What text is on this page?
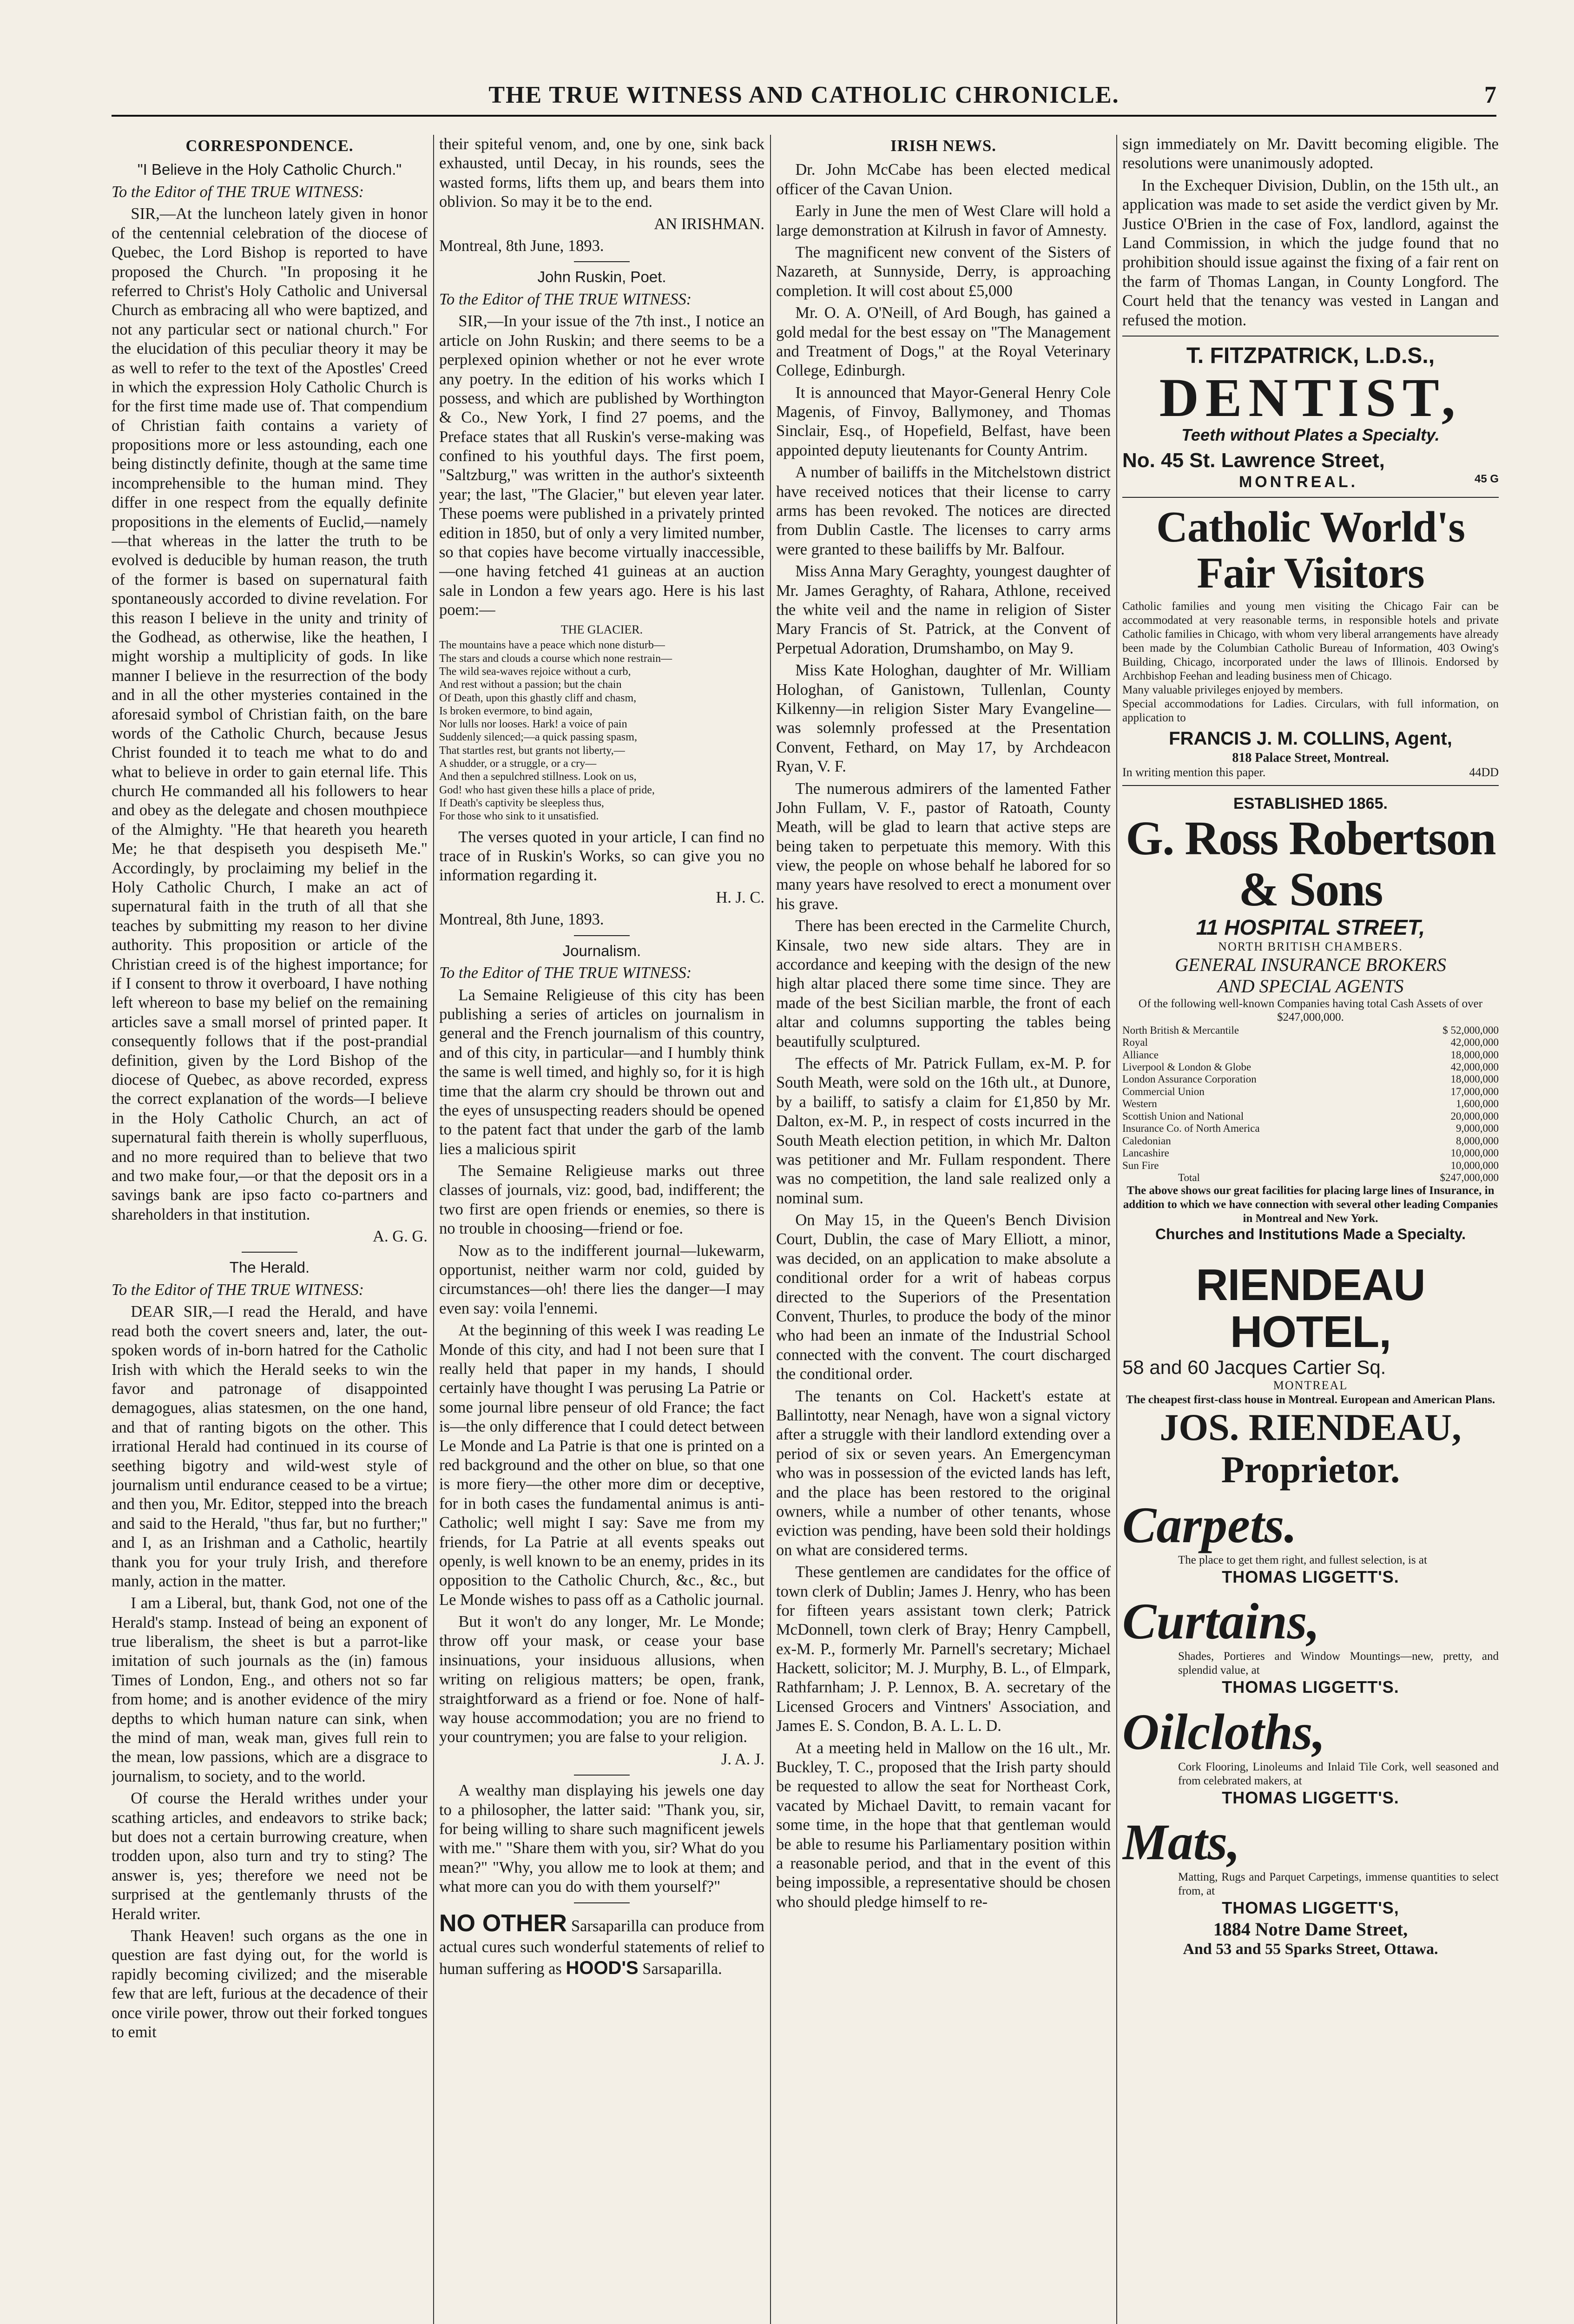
THE TRUE WITNESS AND CATHOLIC CHRONICLE.	7
CORRESPONDENCE.
"I Believe in the Holy Catholic Church."

To the Editor of THE TRUE WITNESS:

SIR,—At the luncheon lately given in honor of the centennial celebration of the diocese of Quebec, the Lord Bishop is reported to have proposed the Church. "In proposing it he referred to Christ's Holy Catholic and Universal Church as embracing all who were baptized, and not any particular sect or national church." For the elucidation of this peculiar theory it may be as well to refer to the text of the Apostles' Creed in which the expression Holy Catholic Church is for the first time made use of. That compendium of Christian faith contains a variety of propositions more or less astounding, each one being distinctly definite, though at the same time incomprehensible to the human mind. They differ in one respect from the equally definite propositions in the elements of Euclid,—namely—that whereas in the latter the truth to be evolved is deducible by human reason, the truth of the former is based on supernatural faith spontaneously accorded to divine revelation. For this reason I believe in the unity and trinity of the Godhead, as otherwise, like the heathen, I might worship a multiplicity of gods. In like manner I believe in the resurrection of the body and in all the other mysteries contained in the aforesaid symbol of Christian faith, on the bare words of the Catholic Church, because Jesus Christ founded it to teach me what to do and what to believe in order to gain eternal life. This church He commanded all his followers to hear and obey as the delegate and chosen mouthpiece of the Almighty. "He that heareth you heareth Me; he that despiseth you despiseth Me." Accordingly, by proclaiming my belief in the Holy Catholic Church, I make an act of supernatural faith in the truth of all that she teaches by submitting my reason to her divine authority. This proposition or article of the Christian creed is of the highest importance; for if I consent to throw it overboard, I have nothing left whereon to base my belief on the remaining articles save a small morsel of printed paper. It consequently follows that if the post-prandial definition, given by the Lord Bishop of the diocese of Quebec, as above recorded, express the correct explanation of the words—I believe in the Holy Catholic Church, an act of supernatural faith therein is wholly superfluous, and no more required than to believe that two and two make four,—or that the deposit ors in a savings bank are ipso facto co-partners and shareholders in that institution.

A. G. G.
The Herald.

To the Editor of THE TRUE WITNESS:

DEAR SIR,—I read the Herald, and have read both the covert sneers and, later, the out-spoken words of in-born hatred for the Catholic Irish with which the Herald seeks to win the favor and patronage of disappointed demagogues, alias statesmen, on the one hand, and that of ranting bigots on the other. This irrational Herald had continued in its course of seething bigotry and wild-west style of journalism until endurance ceased to be a virtue; and then you, Mr. Editor, stepped into the breach and said to the Herald, "thus far, but no further;" and I, as an Irishman and a Catholic, heartily thank you for your truly Irish, and therefore manly, action in the matter.

I am a Liberal, but, thank God, not one of the Herald's stamp. Instead of being an exponent of true liberalism, the sheet is but a parrot-like imitation of such journals as the (in) famous Times of London, Eng., and others not so far from home; and is another evidence of the miry depths to which human nature can sink, when the mind of man, weak man, gives full rein to the mean, low passions, which are a disgrace to journalism, to society, and to the world.

Of course the Herald writhes under your scathing articles, and endeavors to strike back; but does not a certain burrowing creature, when trodden upon, also turn and try to sting? The answer is, yes; therefore we need not be surprised at the gentlemanly thrusts of the Herald writer.

Thank Heaven! such organs as the one in question are fast dying out, for the world is rapidly becoming civilized; and the miserable few that are left, furious at the decadence of their once virile power, throw out their forked tongues to emit

their spiteful venom, and, one by one, sink back exhausted, until Decay, in his rounds, sees the wasted forms, lifts them up, and bears them into oblivion. So may it be to the end.

AN IRISHMAN.
Montreal, 8th June, 1893.
John Ruskin, Poet.

To the Editor of THE TRUE WITNESS:

SIR,—In your issue of the 7th inst., I notice an article on John Ruskin; and there seems to be a perplexed opinion whether or not he ever wrote any poetry. In the edition of his works which I possess, and which are published by Worthington & Co., New York, I find 27 poems, and the Preface states that all Ruskin's verse-making was confined to his youthful days. The first poem, "Saltzburg," was written in the author's sixteenth year; the last, "The Glacier," but eleven year later. These poems were published in a privately printed edition in 1850, but of only a very limited number, so that copies have become virtually inaccessible,—one having fetched 41 guineas at an auction sale in London a few years ago. Here is his last poem:—

THE GLACIER.
The mountains have a peace which none disturb—
The stars and clouds a course which none restrain—
The wild sea-waves rejoice without a curb,
And rest without a passion; but the chain
Of Death, upon this ghastly cliff and chasm,
Is broken evermore, to bind again,
Nor lulls nor looses. Hark! a voice of pain
Suddenly silenced;—a quick passing spasm,
That startles rest, but grants not liberty,—
A shudder, or a struggle, or a cry—
And then a sepulchred stillness. Look on us,
God! who hast given these hills a place of pride,
If Death's captivity be sleepless thus,
For those who sink to it unsatisfied.

The verses quoted in your article, I can find no trace of in Ruskin's Works, so can give you no information regarding it.

H. J. C.
Montreal, 8th June, 1893.
Journalism.

To the Editor of THE TRUE WITNESS:

La Semaine Religieuse of this city has been publishing a series of articles on journalism in general and the French journalism of this country, and of this city, in particular—and I humbly think the same is well timed, and highly so, for it is high time that the alarm cry should be thrown out and the eyes of unsuspecting readers should be opened to the patent fact that under the garb of the lamb lies a malicious spirit

The Semaine Religieuse marks out three classes of journals, viz: good, bad, indifferent; the two first are open friends or enemies, so there is no trouble in choosing—friend or foe.

Now as to the indifferent journal—lukewarm, opportunist, neither warm nor cold, guided by circumstances—oh! there lies the danger—I may even say: voila l'ennemi.

At the beginning of this week I was reading Le Monde of this city, and had I not been sure that I really held that paper in my hands, I should certainly have thought I was perusing La Patrie or some journal libre penseur of old France; the fact is—the only difference that I could detect between Le Monde and La Patrie is that one is printed on a red background and the other on blue, so that one is more fiery—the other more dim or deceptive, for in both cases the fundamental animus is anti-Catholic; well might I say: Save me from my friends, for La Patrie at all events speaks out openly, is well known to be an enemy, prides in its opposition to the Catholic Church, &c., &c., but Le Monde wishes to pass off as a Catholic journal.

But it won't do any longer, Mr. Le Monde; throw off your mask, or cease your base insinuations, your insiduous allusions, when writing on religious matters; be open, frank, straightforward as a friend or foe. None of half-way house accommodation; you are no friend to your countrymen; you are false to your religion.

J. A. J.

A wealthy man displaying his jewels one day to a philosopher, the latter said: "Thank you, sir, for being willing to share such magnificent jewels with me." "Share them with you, sir? What do you mean?" "Why, you allow me to look at them; and what more can you do with them yourself?"

NO OTHER Sarsaparilla can produce from actual cures such wonderful statements of relief to human suffering as HOOD'S Sarsaparilla.

IRISH NEWS.

Dr. John McCabe has been elected medical officer of the Cavan Union.

Early in June the men of West Clare will hold a large demonstration at Kilrush in favor of Amnesty.

The magnificent new convent of the Sisters of Nazareth, at Sunnyside, Derry, is approaching completion. It will cost about £5,000

Mr. O. A. O'Neill, of Ard Bough, has gained a gold medal for the best essay on "The Management and Treatment of Dogs," at the Royal Veterinary College, Edinburgh.

It is announced that Mayor-General Henry Cole Magenis, of Finvoy, Ballymoney, and Thomas Sinclair, Esq., of Hopefield, Belfast, have been appointed deputy lieutenants for County Antrim.

A number of bailiffs in the Mitchelstown district have received notices that their license to carry arms has been revoked. The notices are directed from Dublin Castle. The licenses to carry arms were granted to these bailiffs by Mr. Balfour.

Miss Anna Mary Geraghty, youngest daughter of Mr. James Geraghty, of Rahara, Athlone, received the white veil and the name in religion of Sister Mary Francis of St. Patrick, at the Convent of Perpetual Adoration, Drumshambo, on May 9.

Miss Kate Hologhan, daughter of Mr. William Hologhan, of Ganistown, Tullenlan, County Kilkenny—in religion Sister Mary Evangeline—was solemnly professed at the Presentation Convent, Fethard, on May 17, by Archdeacon Ryan, V. F.

The numerous admirers of the lamented Father John Fullam, V. F., pastor of Ratoath, County Meath, will be glad to learn that active steps are being taken to perpetuate this memory. With this view, the people on whose behalf he labored for so many years have resolved to erect a monument over his grave.

There has been erected in the Carmelite Church, Kinsale, two new side altars. They are in accordance and keeping with the design of the new high altar placed there some time since. They are made of the best Sicilian marble, the front of each altar and columns supporting the tables being beautifully sculptured.

The effects of Mr. Patrick Fullam, ex-M. P. for South Meath, were sold on the 16th ult., at Dunore, by a bailiff, to satisfy a claim for £1,850 by Mr. Dalton, ex-M. P., in respect of costs incurred in the South Meath election petition, in which Mr. Dalton was petitioner and Mr. Fullam respondent. There was no competition, the land sale realized only a nominal sum.

On May 15, in the Queen's Bench Division Court, Dublin, the case of Mary Elliott, a minor, was decided, on an application to make absolute a conditional order for a writ of habeas corpus directed to the Superiors of the Presentation Convent, Thurles, to produce the body of the minor who had been an inmate of the Industrial School connected with the convent. The court discharged the conditional order.

The tenants on Col. Hackett's estate at Ballintotty, near Nenagh, have won a signal victory after a struggle with their landlord extending over a period of six or seven years. An Emergencyman who was in possession of the evicted lands has left, and the place has been restored to the original owners, while a number of other tenants, whose eviction was pending, have been sold their holdings on what are considered terms.

These gentlemen are candidates for the office of town clerk of Dublin; James J. Henry, who has been for fifteen years assistant town clerk; Patrick McDonnell, town clerk of Bray; Henry Campbell, ex-M. P., formerly Mr. Parnell's secretary; Michael Hackett, solicitor; M. J. Murphy, B. L., of Elmpark, Rathfarnham; J. P. Lennox, B. A. secretary of the Licensed Grocers and Vintners' Association, and James E. S. Condon, B. A. L. L. D.

At a meeting held in Mallow on the 16 ult., Mr. Buckley, T. C., proposed that the Irish party should be requested to allow the seat for Northeast Cork, vacated by Michael Davitt, to remain vacant for some time, in the hope that that gentleman would be able to resume his Parliamentary position within a reasonable period, and that in the event of this being impossible, a representative should be chosen who should pledge himself to re-

sign immediately on Mr. Davitt becoming eligible. The resolutions were unanimously adopted.

In the Exchequer Division, Dublin, on the 15th ult., an application was made to set aside the verdict given by Mr. Justice O'Brien in the case of Fox, landlord, against the Land Commission, in which the judge found that no prohibition should issue against the fixing of a fair rent on the farm of Thomas Langan, in County Longford. The Court held that the tenancy was vested in Langan and refused the motion.

T. FITZPATRICK, L.D.S.,
DENTIST,
Teeth without Plates a Specialty.
No. 45 St. Lawrence Street,
MONTREAL.	45 G
Catholic World's Fair Visitors
Catholic families and young men visiting the Chicago Fair can be accommodated at very reasonable terms, in responsible hotels and private Catholic families in Chicago, with whom very liberal arrangements have already been made by the Columbian Catholic Bureau of Information, 403 Owing's Building, Chicago, incorporated under the laws of Illinois. Endorsed by Archbishop Feehan and leading business men of Chicago.
Many valuable privileges enjoyed by members.
Special accommodations for Ladies. Circulars, with full information, on application to
FRANCIS J. M. COLLINS, Agent,
818 Palace Street, Montreal.
In writing mention this paper.	44DD
ESTABLISHED 1865.
G. Ross Robertson & Sons
11 HOSPITAL STREET,
NORTH BRITISH CHAMBERS.
GENERAL INSURANCE BROKERS
AND SPECIAL AGENTS
Of the following well-known Companies having total Cash Assets of over $247,000,000.
North British & Mercantile	$ 52,000,000
Royal	42,000,000
Alliance	18,000,000
Liverpool & London & Globe	42,000,000
London Assurance Corporation	18,000,000
Commercial Union	17,000,000
Western	1,600,000
Scottish Union and National	20,000,000
Insurance Co. of North America	9,000,000
Caledonian	8,000,000
Lancashire	10,000,000
Sun Fire	10,000,000
Total	$247,000,000
The above shows our great facilities for placing large lines of Insurance, in addition to which we have connection with several other leading Companies in Montreal and New York.
Churches and Institutions Made a Specialty.
RIENDEAU HOTEL,
58 and 60 Jacques Cartier Sq.
MONTREAL
The cheapest first-class house in Montreal. European and American Plans.
JOS. RIENDEAU, Proprietor.
Carpets.
The place to get them right, and fullest selection, is at
THOMAS LIGGETT'S.
Curtains,
Shades, Portieres and Window Mountings—new, pretty, and splendid value, at
THOMAS LIGGETT'S.
Oilcloths,
Cork Flooring, Linoleums and Inlaid Tile Cork, well seasoned and from celebrated makers, at
THOMAS LIGGETT'S.
Mats,
Matting, Rugs and Parquet Carpetings, immense quantities to select from, at
THOMAS LIGGETT'S,
1884 Notre Dame Street,
And 53 and 55 Sparks Street, Ottawa.
